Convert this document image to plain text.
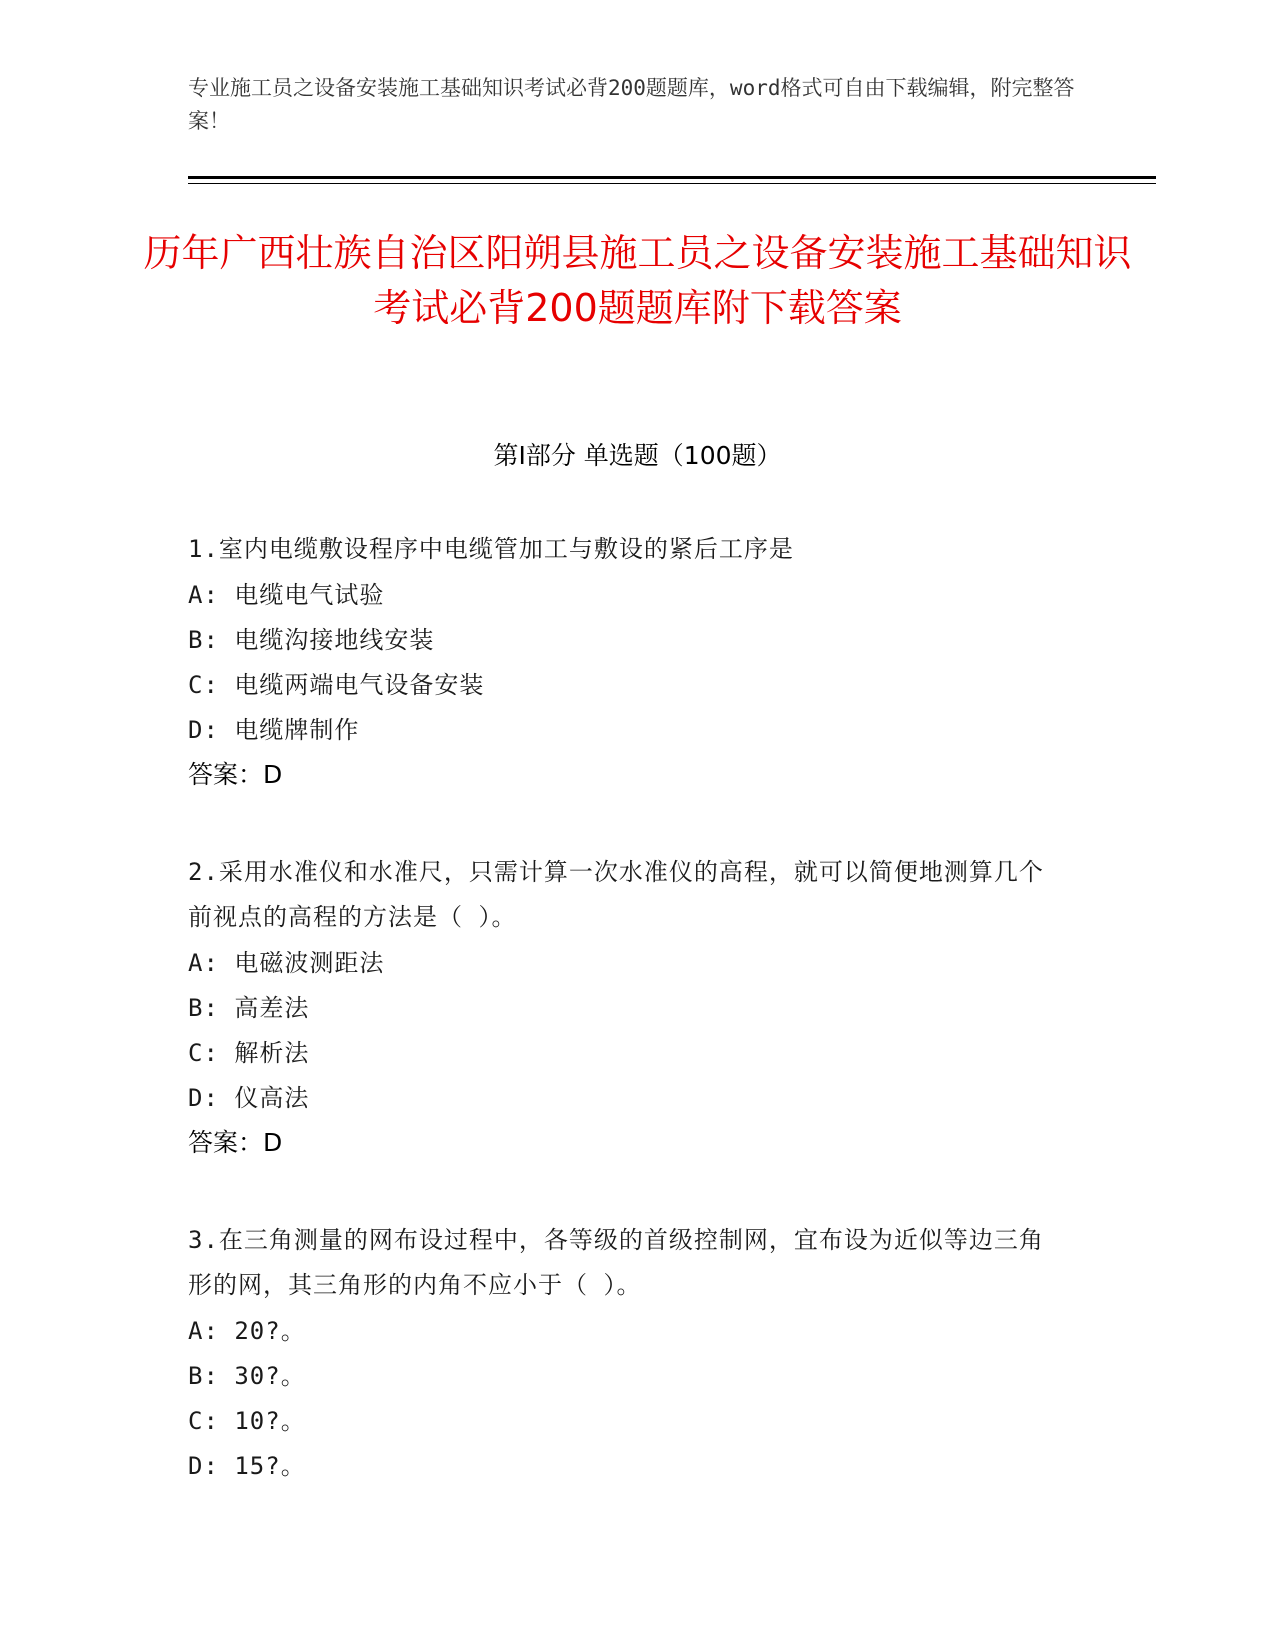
专业施工员之设备安装施工基础知识考试必背200题题库，word格式可自由下载编辑，附完整答案！
历年广西壮族自治区阳朔县施工员之设备安装施工基础知识考试必背200题题库附下载答案
第Ⅰ部分 单选题（100题）
1.室内电缆敷设程序中电缆管加工与敷设的紧后工序是
A: 电缆电气试验
B: 电缆沟接地线安装
C: 电缆两端电气设备安装
D: 电缆牌制作
答案：D
2.采用水准仪和水准尺，只需计算一次水准仪的高程，就可以简便地测算几个前视点的高程的方法是（ ）。
A: 电磁波测距法
B: 高差法
C: 解析法
D: 仪高法
答案：D
3.在三角测量的网布设过程中，各等级的首级控制网，宜布设为近似等边三角形的网，其三角形的内角不应小于（ ）。
A: 20?。
B: 30?。
C: 10?。
D: 15?。
